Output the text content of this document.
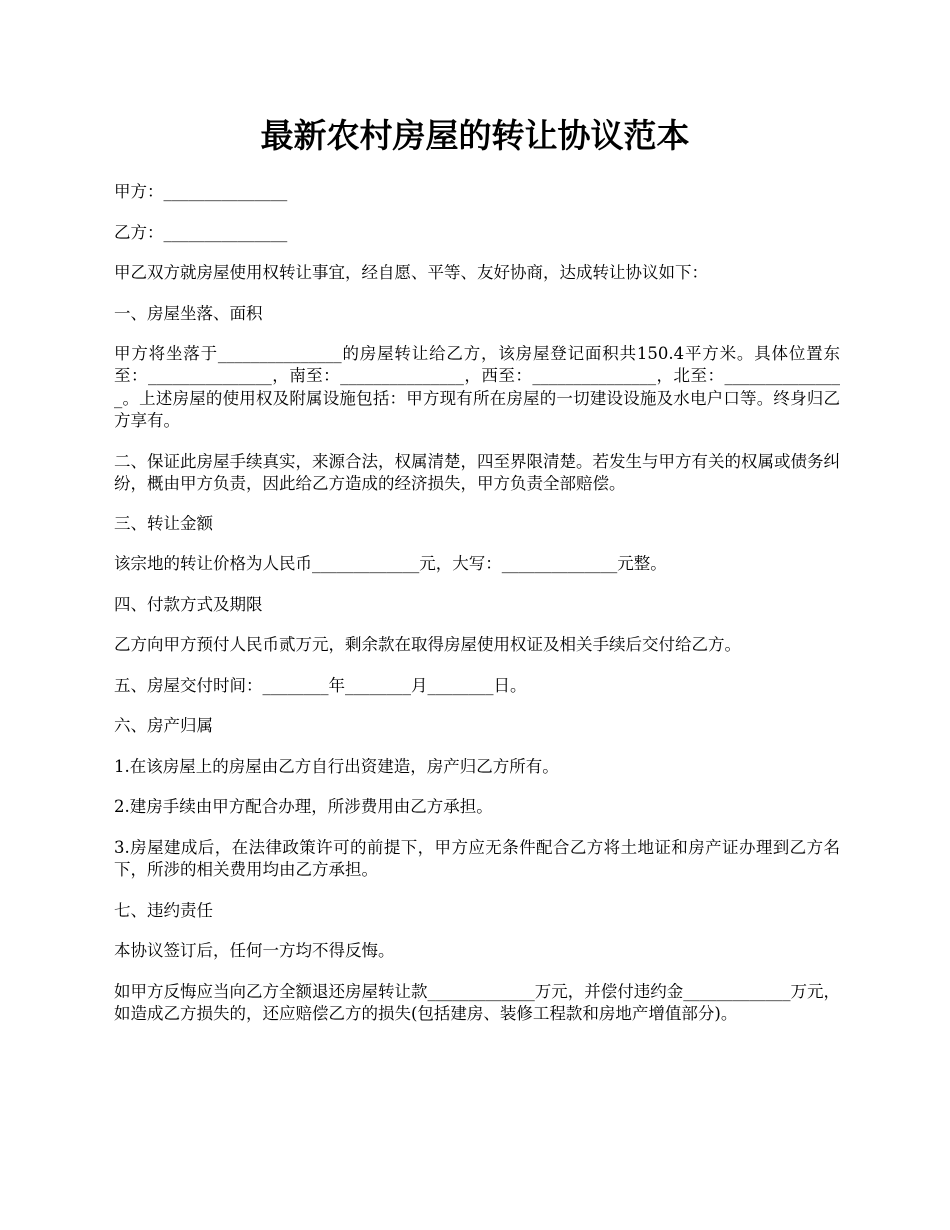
最新农村房屋的转让协议范本

甲方：_______________

乙方：_______________

甲乙双方就房屋使用权转让事宜，经自愿、平等、友好协商，达成转让协议如下：

一、房屋坐落、面积

甲方将坐落于_______________的房屋转让给乙方，该房屋登记面积共150.4平方米。具体位置东至：_______________，南至：_______________，西至：_______________，北至：_______________。上述房屋的使用权及附属设施包括：甲方现有所在房屋的一切建设设施及水电户口等。终身归乙方享有。

二、保证此房屋手续真实，来源合法，权属清楚，四至界限清楚。若发生与甲方有关的权属或债务纠纷，概由甲方负责，因此给乙方造成的经济损失，甲方负责全部赔偿。

三、转让金额

该宗地的转让价格为人民币_____________元，大写：______________元整。

四、付款方式及期限

乙方向甲方预付人民币贰万元，剩余款在取得房屋使用权证及相关手续后交付给乙方。

五、房屋交付时间：________年________月________日。

六、房产归属

1.在该房屋上的房屋由乙方自行出资建造，房产归乙方所有。

2.建房手续由甲方配合办理，所涉费用由乙方承担。

3.房屋建成后，在法律政策许可的前提下，甲方应无条件配合乙方将土地证和房产证办理到乙方名下，所涉的相关费用均由乙方承担。

七、违约责任

本协议签订后，任何一方均不得反悔。

如甲方反悔应当向乙方全额退还房屋转让款_____________万元，并偿付违约金_____________万元，如造成乙方损失的，还应赔偿乙方的损失(包括建房、装修工程款和房地产增值部分)。
